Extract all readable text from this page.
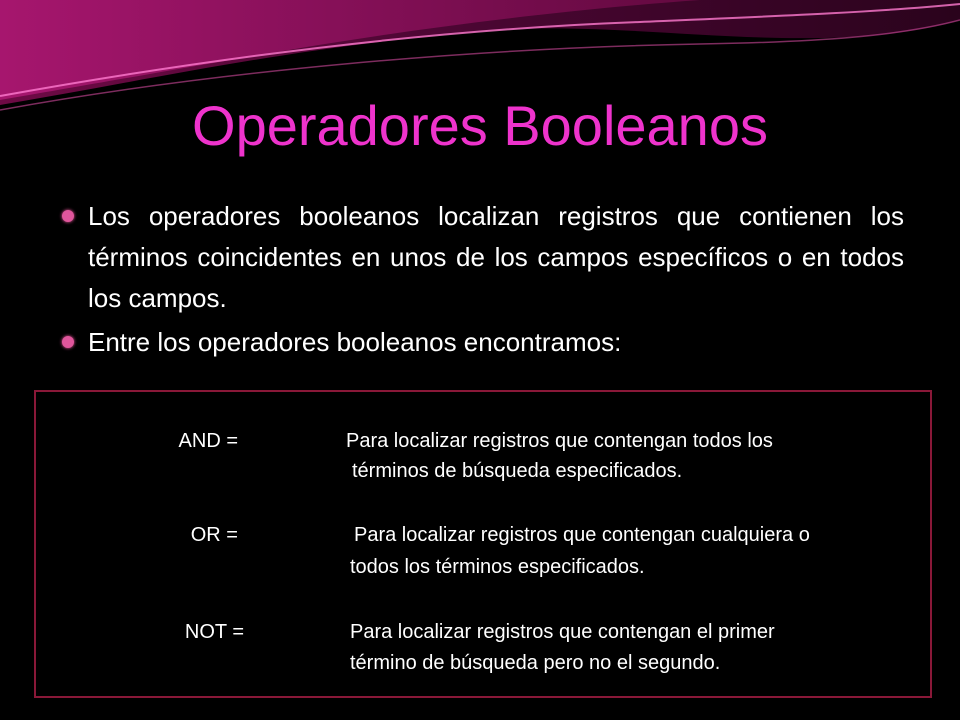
Operadores Booleanos
Los operadores booleanos localizan registros que contienen los términos coincidentes en unos de los campos específicos o en todos los campos.
Entre los operadores booleanos encontramos:
AND =	Para localizar registros que contengan todos los
términos de búsqueda especificados.
OR =	Para localizar registros que contengan cualquiera o
todos los términos especificados.
NOT =	Para localizar registros que contengan el primer
término de búsqueda pero no el segundo.
